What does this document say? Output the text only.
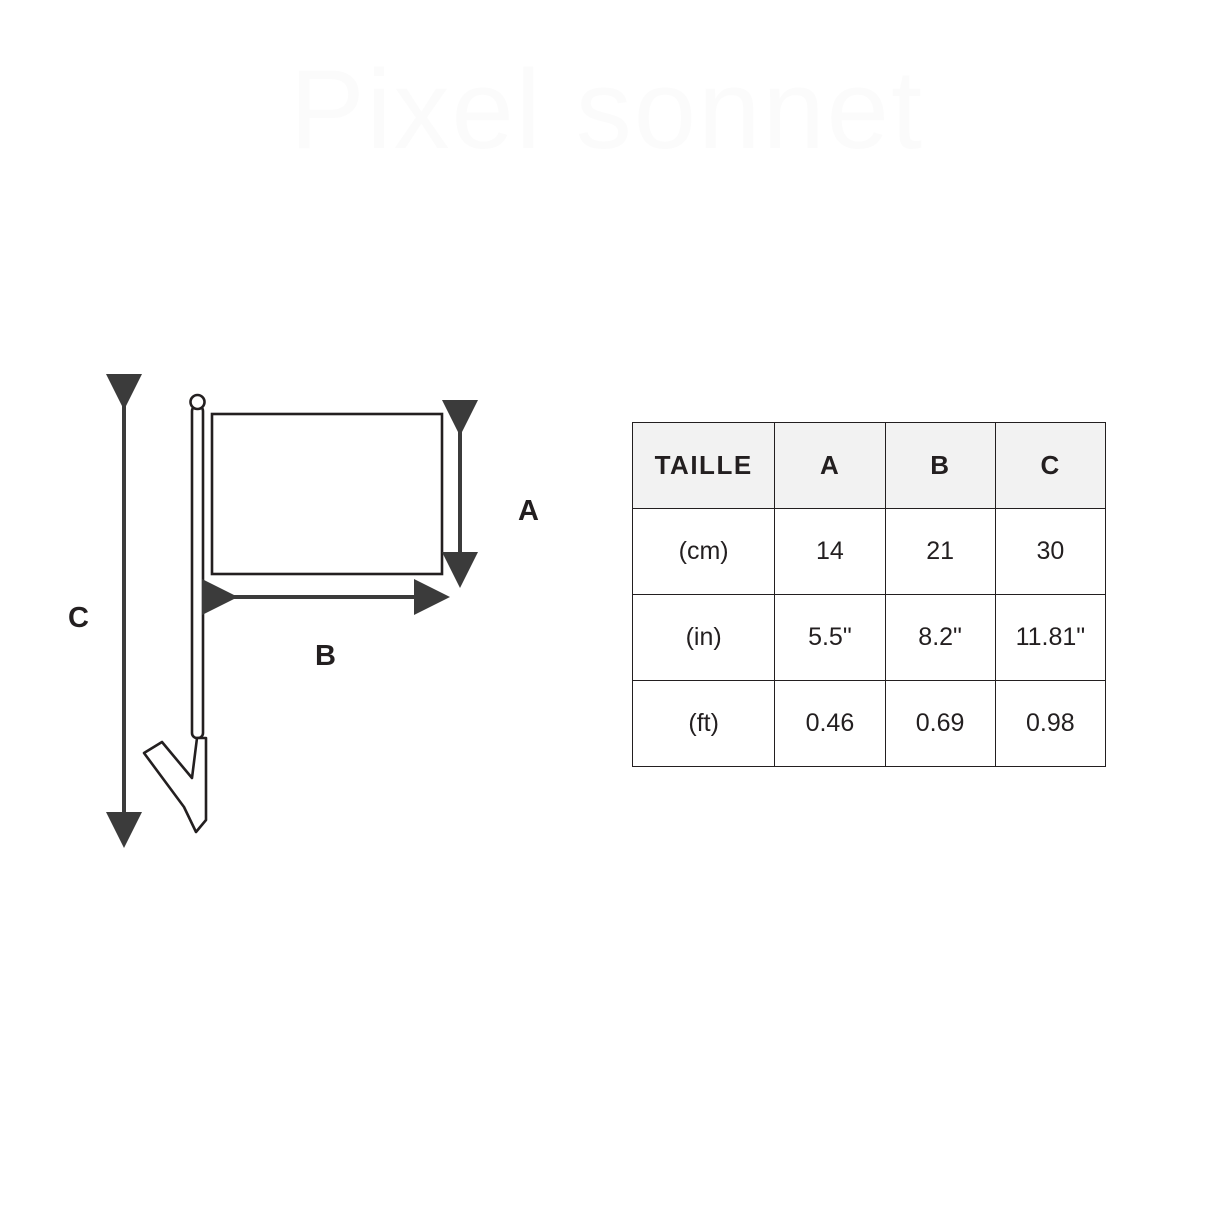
Pixel sonnet
C
A
B
TAILLE	A	B	C
(cm)	14	21	30
(in)	5.5"	8.2"	11.81"
(ft)	0.46	0.69	0.98
